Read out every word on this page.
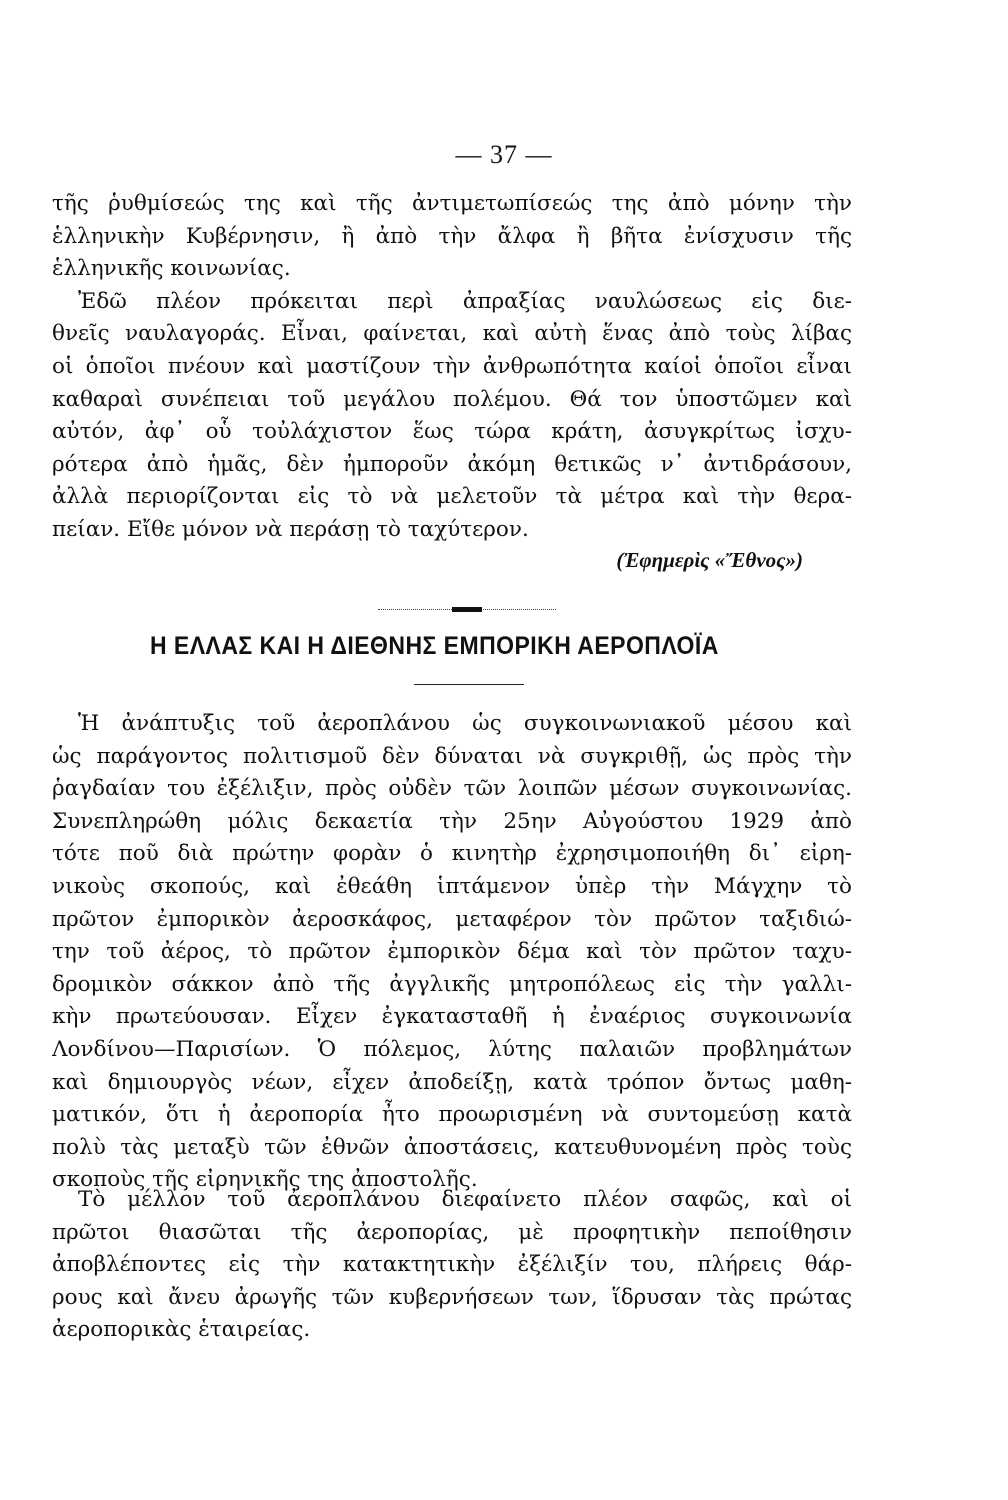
— 37 —
τῆς ῥυθμίσεώς της καὶ τῆς ἀντιμετωπίσεώς της ἀπὸ μόνην τὴν
ἑλληνικὴν Κυβέρνησιν, ἢ ἀπὸ τὴν ἄλφα ἢ βῆτα ἐνίσχυσιν τῆς
ἑλληνικῆς κοινωνίας.
Ἐδῶ πλέον πρόκειται περὶ ἀπραξίας ναυλώσεως εἰς διε-
θνεῖς ναυλαγοράς. Εἶναι, φαίνεται, καὶ αὐτὴ ἕνας ἀπὸ τοὺς λίβας
οἱ ὁποῖοι πνέουν καὶ μαστίζουν τὴν ἀνθρωπότητα καίοἱ ὁποῖοι εἶναι
καθαραὶ συνέπειαι τοῦ μεγάλου πολέμου. Θά τον ὑποστῶμεν καὶ
αὐτόν, ἀφ᾽ οὗ τοὐλάχιστον ἕως τώρα κράτη, ἀσυγκρίτως ἰσχυ-
ρότερα ἀπὸ ἡμᾶς, δὲν ἠμποροῦν ἀκόμη θετικῶς ν᾽ ἀντιδράσουν,
ἀλλὰ περιορίζονται εἰς τὸ νὰ μελετοῦν τὰ μέτρα καὶ τὴν θερα-
πείαν. Εἴθε μόνον νὰ περάσῃ τὸ ταχύτερον.
(Ἐφημερὶς «Ἔθνος»)
Η ΕΛΛΑΣ ΚΑΙ Η ΔΙΕΘΝΗΣ ΕΜΠΟΡΙΚΗ ΑΕΡΟΠΛΟΪΑ
Ἡ ἀνάπτυξις τοῦ ἀεροπλάνου ὡς συγκοινωνιακοῦ μέσου καὶ
ὡς παράγοντος πολιτισμοῦ δὲν δύναται νὰ συγκριθῇ, ὡς πρὸς τὴν
ῥαγδαίαν του ἐξέλιξιν, πρὸς οὐδὲν τῶν λοιπῶν μέσων συγκοινωνίας.
Συνεπληρώθη μόλις δεκαετία τὴν 25ην Αὐγούστου 1929 ἀπὸ
τότε ποῦ διὰ πρώτην φορὰν ὁ κινητὴρ ἐχρησιμοποιήθη δι᾽ εἰρη-
νικοὺς σκοπούς, καὶ ἐθεάθη ἱπτάμενον ὑπὲρ τὴν Μάγχην τὸ
πρῶτον ἐμπορικὸν ἀεροσκάφος, μεταφέρον τὸν πρῶτον ταξιδιώ-
την τοῦ ἀέρος, τὸ πρῶτον ἐμπορικὸν δέμα καὶ τὸν πρῶτον ταχυ-
δρομικὸν σάκκον ἀπὸ τῆς ἀγγλικῆς μητροπόλεως εἰς τὴν γαλλι-
κὴν πρωτεύουσαν. Εἶχεν ἐγκατασταθῆ ἡ ἐναέριος συγκοινωνία
Λονδίνου—Παρισίων. Ὁ πόλεμος, λύτης παλαιῶν προβλημάτων
καὶ δημιουργὸς νέων, εἶχεν ἀποδείξῃ, κατὰ τρόπον ὄντως μαθη-
ματικόν, ὅτι ἡ ἀεροπορία ἦτο προωρισμένη νὰ συντομεύσῃ κατὰ
πολὺ τὰς μεταξὺ τῶν ἐθνῶν ἀποστάσεις, κατευθυνομένη πρὸς τοὺς
σκοποὺς τῆς εἰρηνικῆς της ἀποστολῆς.
Τὸ μέλλον τοῦ ἀεροπλάνου διεφαίνετο πλέον σαφῶς, καὶ οἱ
πρῶτοι θιασῶται τῆς ἀεροπορίας, μὲ προφητικὴν πεποίθησιν
ἀποβλέποντες εἰς τὴν κατακτητικὴν ἐξέλιξίν του, πλήρεις θάρ-
ρους καὶ ἄνευ ἀρωγῆς τῶν κυβερνήσεων των, ἵδρυσαν τὰς πρώτας
ἀεροπορικὰς ἑταιρείας.
